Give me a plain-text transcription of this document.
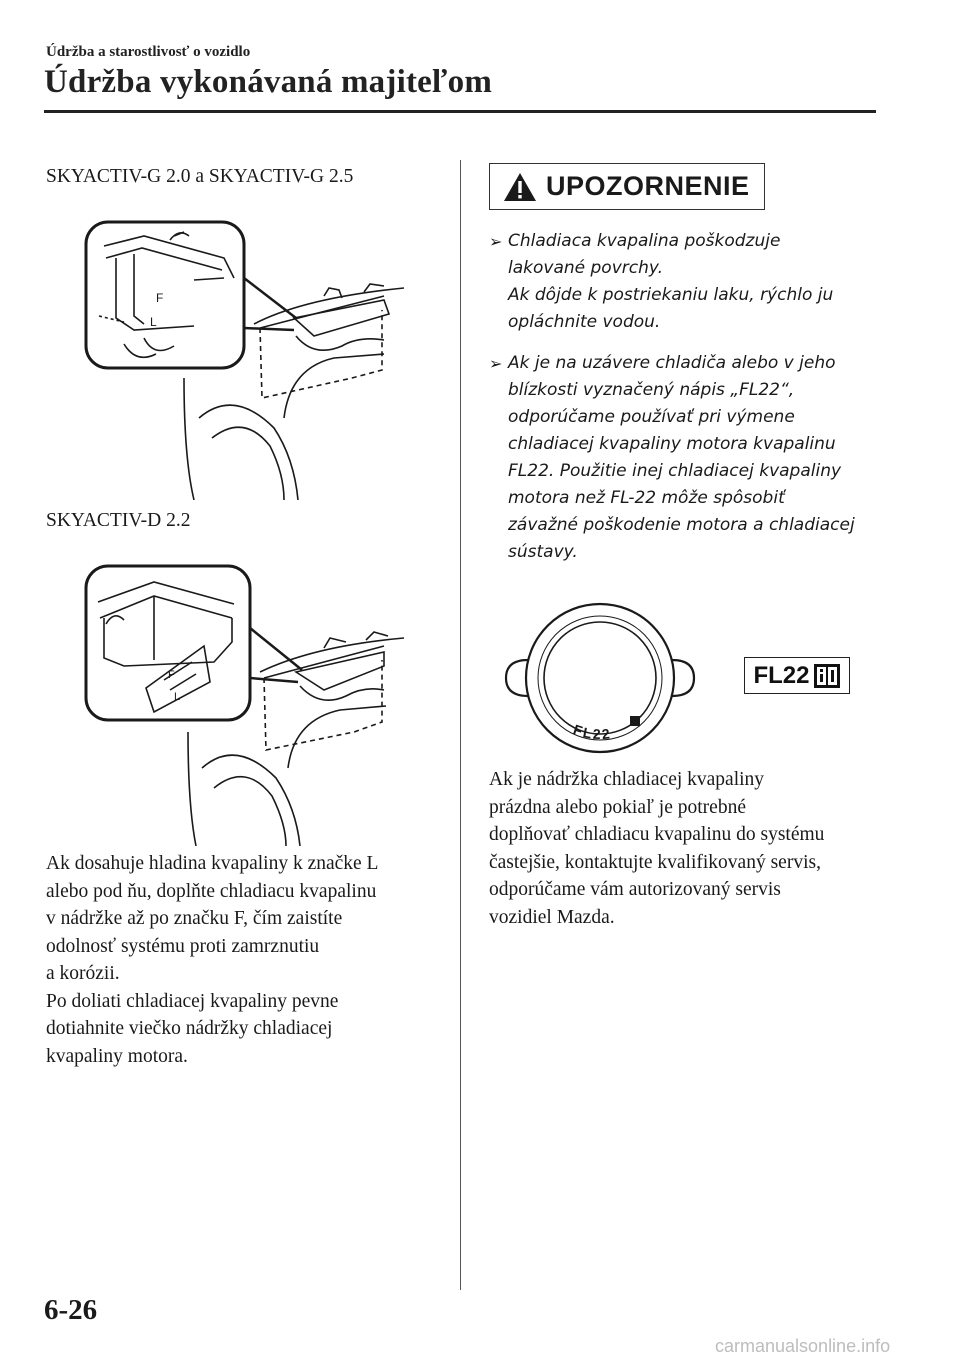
Údržba a starostlivosť o vozidlo
Údržba vykonávaná majiteľom
SKYACTIV-G 2.0 a SKYACTIV-G 2.5
F
L
SKYACTIV-D 2.2
F
L

Ak dosahuje hladina kvapaliny k značke L

alebo pod ňu, doplňte chladiacu kvapalinu

v nádržke až po značku F, čím zaistíte

odolnosť systému proti zamrznutiu

a korózii.

Po doliati chladiacej kvapaliny pevne

dotiahnite viečko nádržky chladiacej

kvapaliny motora.

UPOZORNENIE
➢ Chladiaca kvapalina poškodzuje
lakované povrchy.
Ak dôjde k postriekaniu laku, rýchlo ju
opláchnite vodou.
➢ Ak je na uzávere chladiča alebo v jeho
blízkosti vyznačený nápis „FL22“,
odporúčame používať pri výmene
chladiacej kvapaliny motora kvapalinu
FL22. Použitie inej chladiacej kvapaliny
motora než FL-22 môže spôsobiť
závažné poškodenie motora a chladiacej
sústavy.
FL22
FL22

Ak je nádržka chladiacej kvapaliny

prázdna alebo pokiaľ je potrebné

doplňovať chladiacu kvapalinu do systému

častejšie, kontaktujte kvalifikovaný servis,

odporúčame vám autorizovaný servis

vozidiel Mazda.

6-26
carmanualsonline.info
